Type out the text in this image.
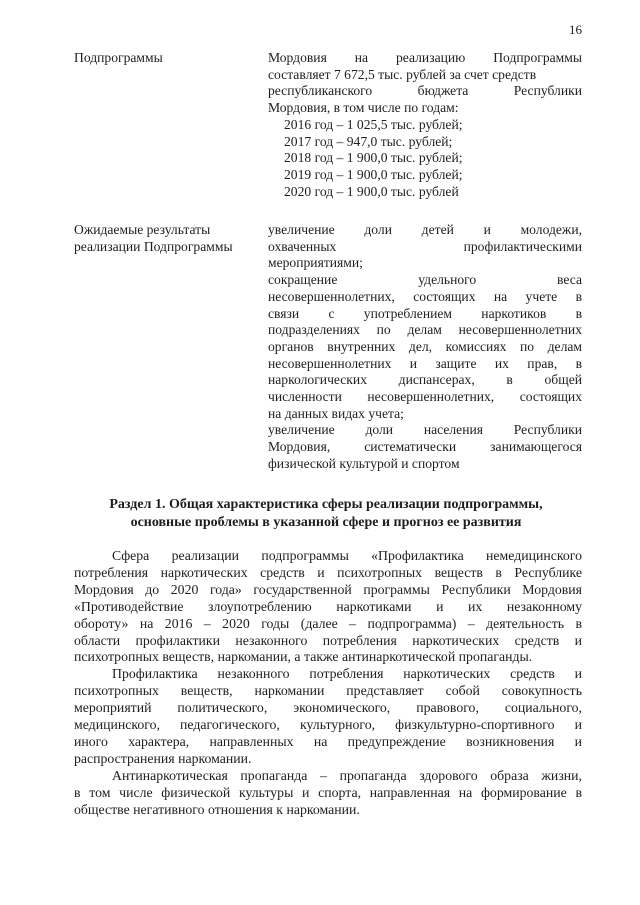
16
Подпрограммы	Мордовия на реализацию Подпрограммы
составляет 7 672,5 тыс. рублей за счет средств
республиканского бюджета Республики
Мордовия, в том числе по годам:
2016 год – 1 025,5 тыс. рублей;
2017 год – 947,0 тыс. рублей;
2018 год – 1 900,0 тыс. рублей;
2019 год – 1 900,0 тыс. рублей;
2020 год – 1 900,0 тыс. рублей
Ожидаемые результаты
реализации Подпрограммы
увеличение доли детей и молодежи,
охваченных профилактическими
мероприятиями;
сокращение удельного веса
несовершеннолетних, состоящих на учете в
связи с употреблением наркотиков в
подразделениях по делам несовершеннолетних
органов внутренних дел, комиссиях по делам
несовершеннолетних и защите их прав, в
наркологических диспансерах, в общей
численности несовершеннолетних, состоящих
на данных видах учета;
увеличение доли населения Республики
Мордовия, систематически занимающегося
физической культурой и спортом
Раздел 1. Общая характеристика сферы реализации подпрограммы,
основные проблемы в указанной сфере и прогноз ее развития
Сфера реализации подпрограммы «Профилактика немедицинского
потребления наркотических средств и психотропных веществ в Республике
Мордовия до 2020 года» государственной программы Республики Мордовия
«Противодействие злоупотреблению наркотиками и их незаконному
обороту» на 2016 – 2020 годы (далее – подпрограмма) – деятельность в
области профилактики незаконного потребления наркотических средств и
психотропных веществ, наркомании, а также антинаркотической пропаганды.
Профилактика незаконного потребления наркотических средств и
психотропных веществ, наркомании представляет собой совокупность
мероприятий политического, экономического, правового, социального,
медицинского, педагогического, культурного, физкультурно-спортивного и
иного характера, направленных на предупреждение возникновения и
распространения наркомании.
Антинаркотическая пропаганда – пропаганда здорового образа жизни,
в том числе физической культуры и спорта, направленная на формирование в
обществе негативного отношения к наркомании.
